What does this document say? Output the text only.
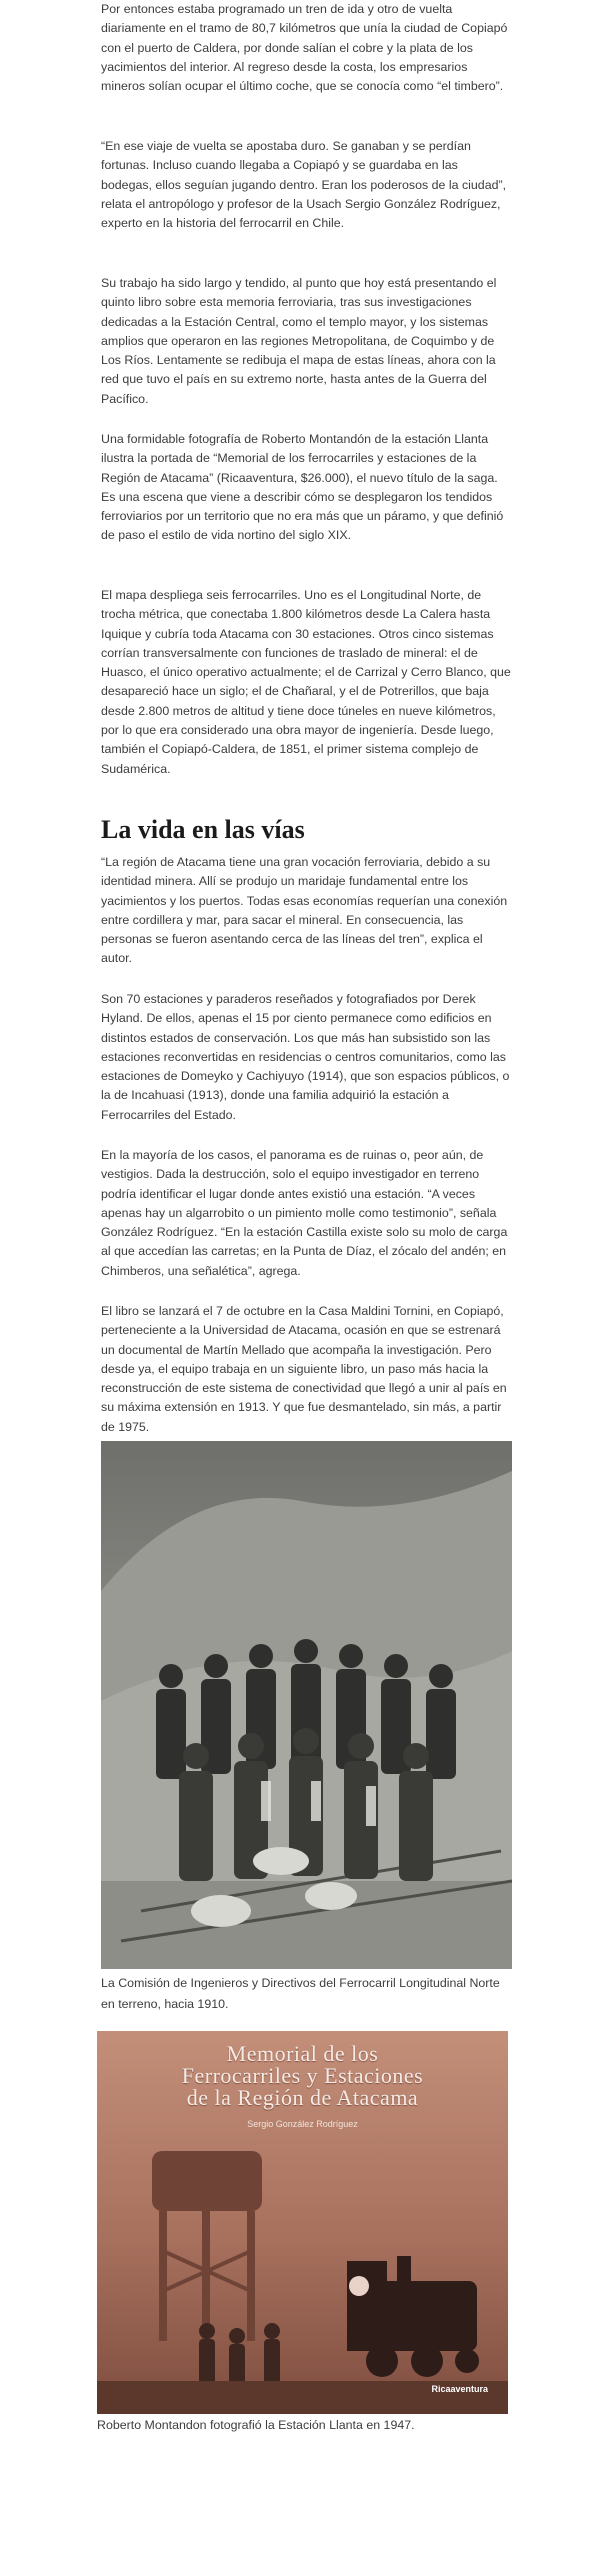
Por entonces estaba programado un tren de ida y otro de vuelta diariamente en el tramo de 80,7 kilómetros que unía la ciudad de Copiapó con el puerto de Caldera, por donde salían el cobre y la plata de los yacimientos del interior. Al regreso desde la costa, los empresarios mineros solían ocupar el último coche, que se conocía como “el timbero”.

“En ese viaje de vuelta se apostaba duro. Se ganaban y se perdían fortunas. Incluso cuando llegaba a Copiapó y se guardaba en las bodegas, ellos seguían jugando dentro. Eran los poderosos de la ciudad”, relata el antropólogo y profesor de la Usach Sergio González Rodríguez, experto en la historia del ferrocarril en Chile.

Su trabajo ha sido largo y tendido, al punto que hoy está presentando el quinto libro sobre esta memoria ferroviaria, tras sus investigaciones dedicadas a la Estación Central, como el templo mayor, y los sistemas amplios que operaron en las regiones Metropolitana, de Coquimbo y de Los Ríos. Lentamente se redibuja el mapa de estas líneas, ahora con la red que tuvo el país en su extremo norte, hasta antes de la Guerra del Pacífico.

Una formidable fotografía de Roberto Montandón de la estación Llanta ilustra la portada de “Memorial de los ferrocarriles y estaciones de la Región de Atacama” (Ricaaventura, $26.000), el nuevo título de la saga. Es una escena que viene a describir cómo se desplegaron los tendidos ferroviarios por un territorio que no era más que un páramo, y que definió de paso el estilo de vida nortino del siglo XIX.

El mapa despliega seis ferrocarriles. Uno es el Longitudinal Norte, de trocha métrica, que conectaba 1.800 kilómetros desde La Calera hasta Iquique y cubría toda Atacama con 30 estaciones. Otros cinco sistemas corrían transversalmente con funciones de traslado de mineral: el de Huasco, el único operativo actualmente; el de Carrizal y Cerro Blanco, que desapareció hace un siglo; el de Chañaral, y el de Potrerillos, que baja desde 2.800 metros de altitud y tiene doce túneles en nueve kilómetros, por lo que era considerado una obra mayor de ingeniería. Desde luego, también el Copiapó-Caldera, de 1851, el primer sistema complejo de Sudamérica.

La vida en las vías

“La región de Atacama tiene una gran vocación ferroviaria, debido a su identidad minera. Allí se produjo un maridaje fundamental entre los yacimientos y los puertos. Todas esas economías requerían una conexión entre cordillera y mar, para sacar el mineral. En consecuencia, las personas se fueron asentando cerca de las líneas del tren”, explica el autor.

Son 70 estaciones y paraderos reseñados y fotografiados por Derek Hyland. De ellos, apenas el 15 por ciento permanece como edificios en distintos estados de conservación. Los que más han subsistido son las estaciones reconvertidas en residencias o centros comunitarios, como las estaciones de Domeyko y Cachiyuyo (1914), que son espacios públicos, o la de Incahuasi (1913), donde una familia adquirió la estación a Ferrocarriles del Estado.

En la mayoría de los casos, el panorama es de ruinas o, peor aún, de vestigios. Dada la destrucción, solo el equipo investigador en terreno podría identificar el lugar donde antes existió una estación. “A veces apenas hay un algarrobito o un pimiento molle como testimonio”, señala González Rodríguez. “En la estación Castilla existe solo su molo de carga al que accedían las carretas; en la Punta de Díaz, el zócalo del andén; en Chimberos, una señalética”, agrega.

El libro se lanzará el 7 de octubre en la Casa Maldini Tornini, en Copiapó, perteneciente a la Universidad de Atacama, ocasión en que se estrenará un documental de Martín Mellado que acompaña la investigación. Pero desde ya, el equipo trabaja en un siguiente libro, un paso más hacia la reconstrucción de este sistema de conectividad que llegó a unir al país en su máxima extensión en 1913. Y que fue desmantelado, sin más, a partir de 1975.

La Comisión de Ingenieros y Directivos del Ferrocarril Longitudinal Norte en terreno, hacia 1910.

Memorial de los
Ferrocarriles y Estaciones
de la Región de Atacama
Sergio González Rodríguez
Ricaaventura

Roberto Montandon fotografió la Estación Llanta en 1947.
